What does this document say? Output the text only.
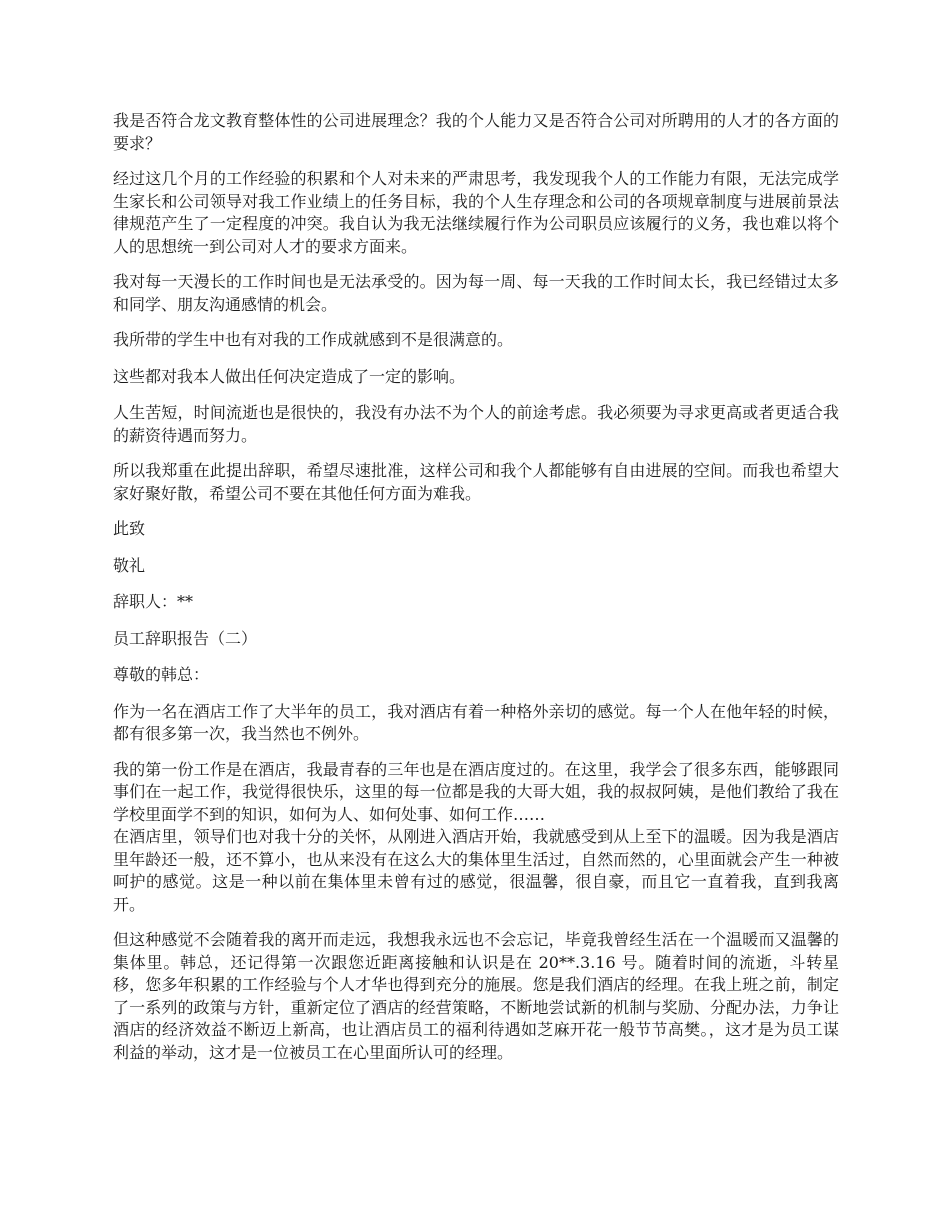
我是否符合龙文教育整体性的公司进展理念？我的个人能力又是否符合公司对所聘用的人才的各方面的要求？

经过这几个月的工作经验的积累和个人对未来的严肃思考，我发现我个人的工作能力有限，无法完成学生家长和公司领导对我工作业绩上的任务目标，我的个人生存理念和公司的各项规章制度与进展前景法律规范产生了一定程度的冲突。我自认为我无法继续履行作为公司职员应该履行的义务，我也难以将个人的思想统一到公司对人才的要求方面来。

我对每一天漫长的工作时间也是无法承受的。因为每一周、每一天我的工作时间太长，我已经错过太多和同学、朋友沟通感情的机会。

我所带的学生中也有对我的工作成就感到不是很满意的。

这些都对我本人做出任何决定造成了一定的影响。

人生苦短，时间流逝也是很快的，我没有办法不为个人的前途考虑。我必须要为寻求更高或者更适合我的薪资待遇而努力。

所以我郑重在此提出辞职，希望尽速批准，这样公司和我个人都能够有自由进展的空间。而我也希望大家好聚好散，希望公司不要在其他任何方面为难我。

此致

敬礼

辞职人：**

员工辞职报告（二）

尊敬的韩总：

作为一名在酒店工作了大半年的员工，我对酒店有着一种格外亲切的感觉。每一个人在他年轻的时候，都有很多第一次，我当然也不例外。

我的第一份工作是在酒店，我最青春的三年也是在酒店度过的。在这里，我学会了很多东西，能够跟同事们在一起工作，我觉得很快乐，这里的每一位都是我的大哥大姐，我的叔叔阿姨，是他们教给了我在学校里面学不到的知识，如何为人、如何处事、如何工作……
在酒店里，领导们也对我十分的关怀，从刚进入酒店开始，我就感受到从上至下的温暖。因为我是酒店里年龄还一般，还不算小，也从来没有在这么大的集体里生活过，自然而然的，心里面就会产生一种被呵护的感觉。这是一种以前在集体里未曾有过的感觉，很温馨，很自豪，而且它一直着我，直到我离开。

但这种感觉不会随着我的离开而走远，我想我永远也不会忘记，毕竟我曾经生活在一个温暖而又温馨的集体里。韩总，还记得第一次跟您近距离接触和认识是在 20**.3.16 号。随着时间的流逝，斗转星移，您多年积累的工作经验与个人才华也得到充分的施展。您是我们酒店的经理。在我上班之前，制定了一系列的政策与方针，重新定位了酒店的经营策略，不断地尝试新的机制与奖励、分配办法，力争让酒店的经济效益不断迈上新高，也让酒店员工的福利待遇如芝麻开花一般节节高樊。，这才是为员工谋利益的举动，这才是一位被员工在心里面所认可的经理。
